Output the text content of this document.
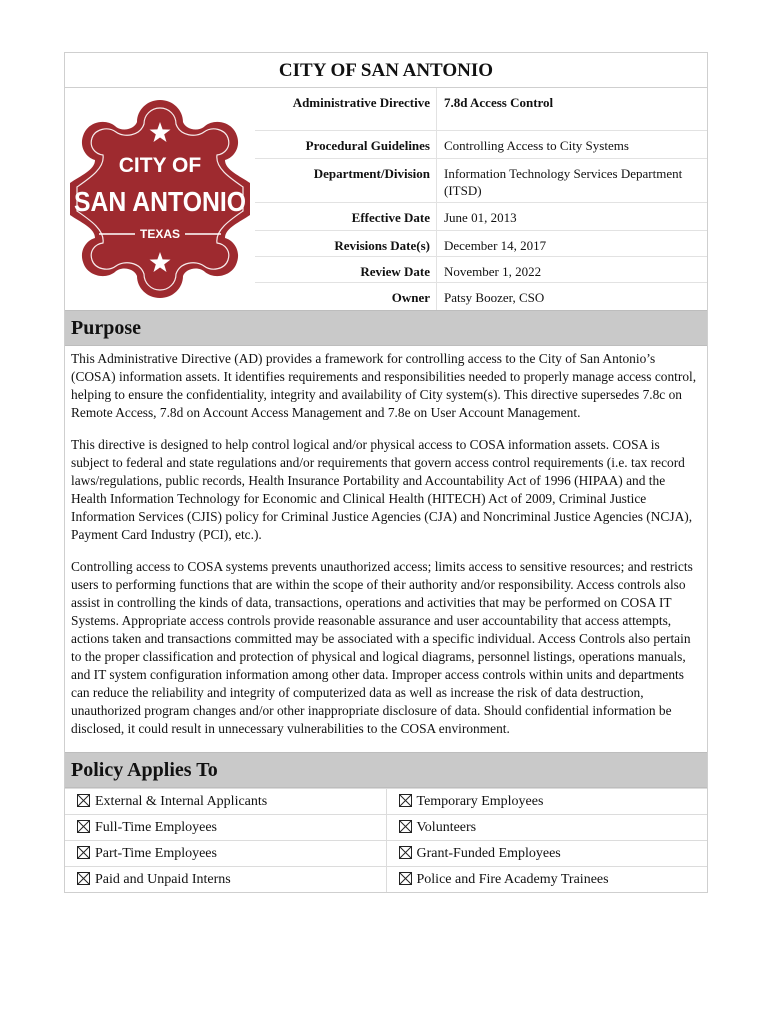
CITY OF SAN ANTONIO
CITY OF
SAN ANTONIO
TEXAS
Administrative Directive	7.8d Access Control

Procedural Guidelines	Controlling Access to City Systems

Department/Division	Information Technology Services Department (ITSD)

Effective Date	June 01, 2013

Revisions Date(s)	December 14, 2017

Review Date	November 1, 2022

Owner	Patsy Boozer, CSO
Purpose

This Administrative Directive (AD) provides a framework for controlling access to the City of San Antonio’s (COSA) information assets. It identifies requirements and responsibilities needed to properly manage access control, helping to ensure the confidentiality, integrity and availability of City system(s). This directive supersedes 7.8c on Remote Access, 7.8d on Account Access Management and 7.8e on User Account Management.

This directive is designed to help control logical and/or physical access to COSA information assets. COSA is subject to federal and state regulations and/or requirements that govern access control requirements (i.e. tax record laws/regulations, public records, Health Insurance Portability and Accountability Act of 1996 (HIPAA) and the Health Information Technology for Economic and Clinical Health (HITECH) Act of 2009, Criminal Justice Information Services (CJIS) policy for Criminal Justice Agencies (CJA) and Noncriminal Justice Agencies (NCJA), Payment Card Industry (PCI), etc.).

Controlling access to COSA systems prevents unauthorized access; limits access to sensitive resources; and restricts users to performing functions that are within the scope of their authority and/or responsibility. Access controls also assist in controlling the kinds of data, transactions, operations and activities that may be performed on COSA IT Systems. Appropriate access controls provide reasonable assurance and user accountability that access attempts, actions taken and transactions committed may be associated with a specific individual. Access Controls also pertain to the proper classification and protection of physical and logical diagrams, personnel listings, operations manuals, and IT system configuration information among other data. Improper access controls within units and departments can reduce the reliability and integrity of computerized data as well as increase the risk of data destruction, unauthorized program changes and/or other inappropriate disclosure of data. Should confidential information be disclosed, it could result in unnecessary vulnerabilities to the COSA environment.

Policy Applies To
External & Internal Applicants	Temporary Employees
Full-Time Employees	Volunteers
Part-Time Employees	Grant-Funded Employees
Paid and Unpaid Interns	Police and Fire Academy Trainees
